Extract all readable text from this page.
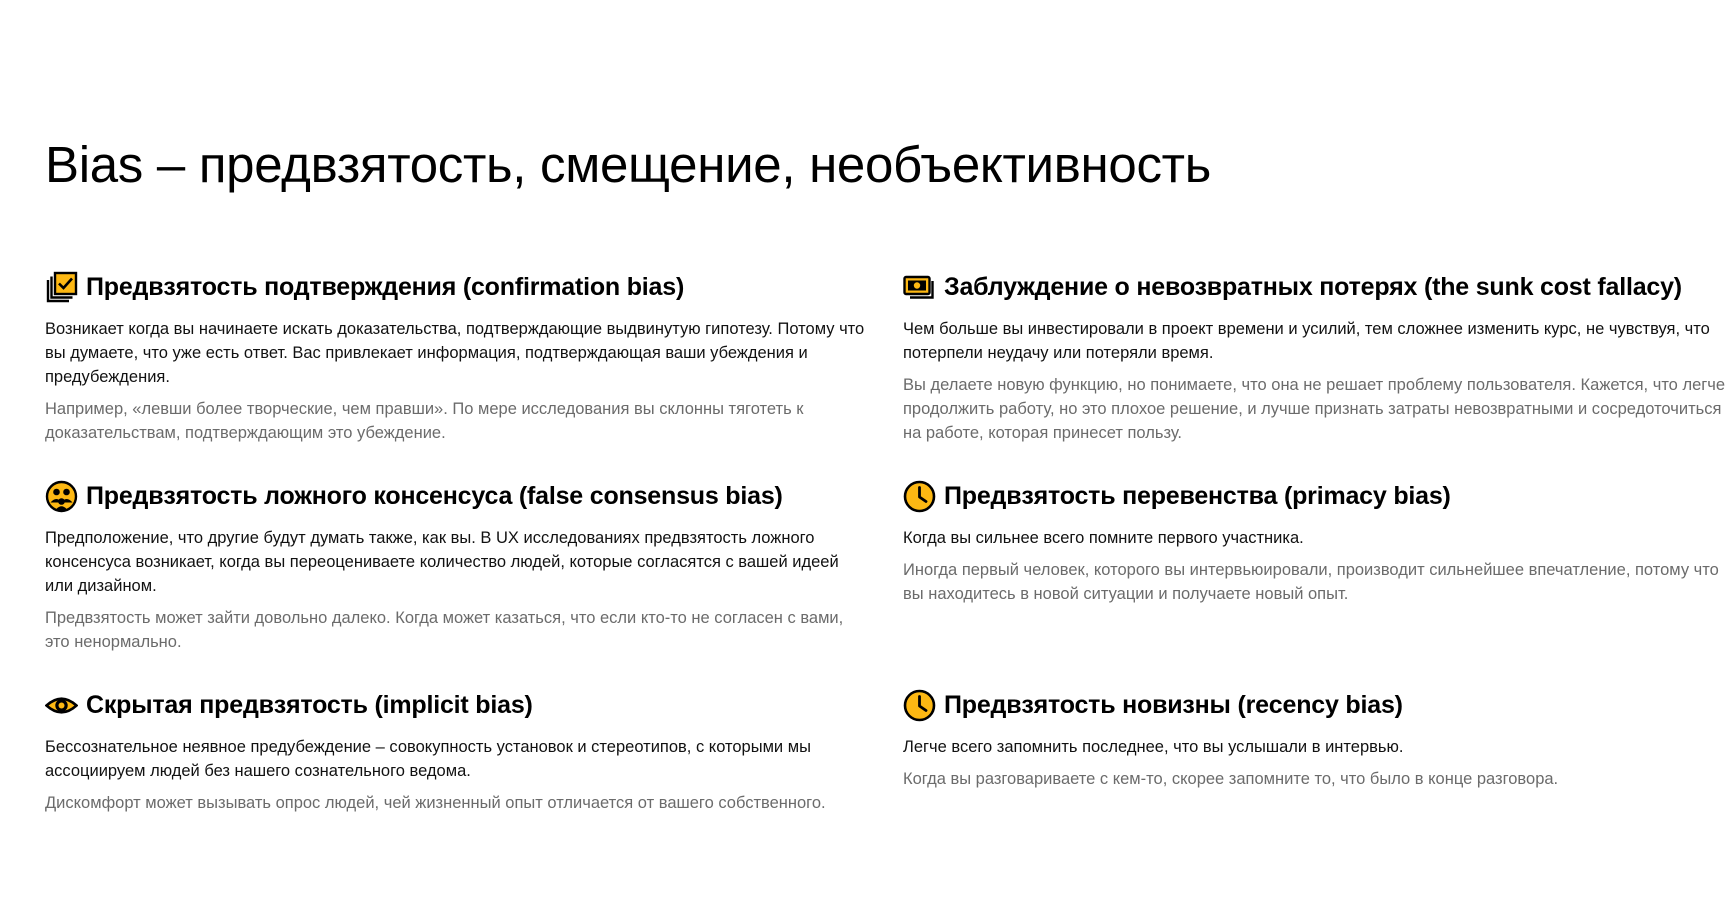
Bias – предвзятость, смещение, необъективность
Предвзятость подтверждения (confirmation bias)

Возникает когда вы начинаете искать доказательства, подтверждающие выдвинутую гипотезу. Потому что вы думаете, что уже есть ответ. Вас привлекает информация, подтверждающая ваши убеждения и предубеждения.

Например, «левши более творческие, чем правши». По мере исследования вы склонны тяготеть к доказательствам, подтверждающим это убеждение.

Заблуждение о невозвратных потерях (the sunk cost fallacy)

Чем больше вы инвестировали в проект времени и усилий, тем сложнее изменить курс, не чувствуя, что потерпели неудачу или потеряли время.

Вы делаете новую функцию, но понимаете, что она не решает проблему пользователя. Кажется, что легче продолжить работу, но это плохое решение, и лучше признать затраты невозвратными и сосредоточиться на работе, которая принесет пользу.

Предвзятость ложного консенсуса (false consensus bias)

Предположение, что другие будут думать также, как вы. В UX исследованиях предвзятость ложного консенсуса возникает, когда вы переоцениваете количество людей, которые согласятся с вашей идеей или дизайном.

Предвзятость может зайти довольно далеко. Когда может казаться, что если кто-то не согласен с вами, это ненормально.

Предвзятость перевенства (primacy bias)

Когда вы сильнее всего помните первого участника.

Иногда первый человек, которого вы интервьюировали, производит сильнейшее впечатление, потому что вы находитесь в новой ситуации и получаете новый опыт.

Скрытая предвзятость (implicit bias)

Бессознательное неявное предубеждение – совокупность установок и стереотипов, с которыми мы ассоциируем людей без нашего сознательного ведома.

Дискомфорт может вызывать опрос людей, чей жизненный опыт отличается от вашего собственного.

Предвзятость новизны (recency bias)

Легче всего запомнить последнее, что вы услышали в интервью.

Когда вы разговариваете с кем-то, скорее запомните то, что было в конце разговора.
